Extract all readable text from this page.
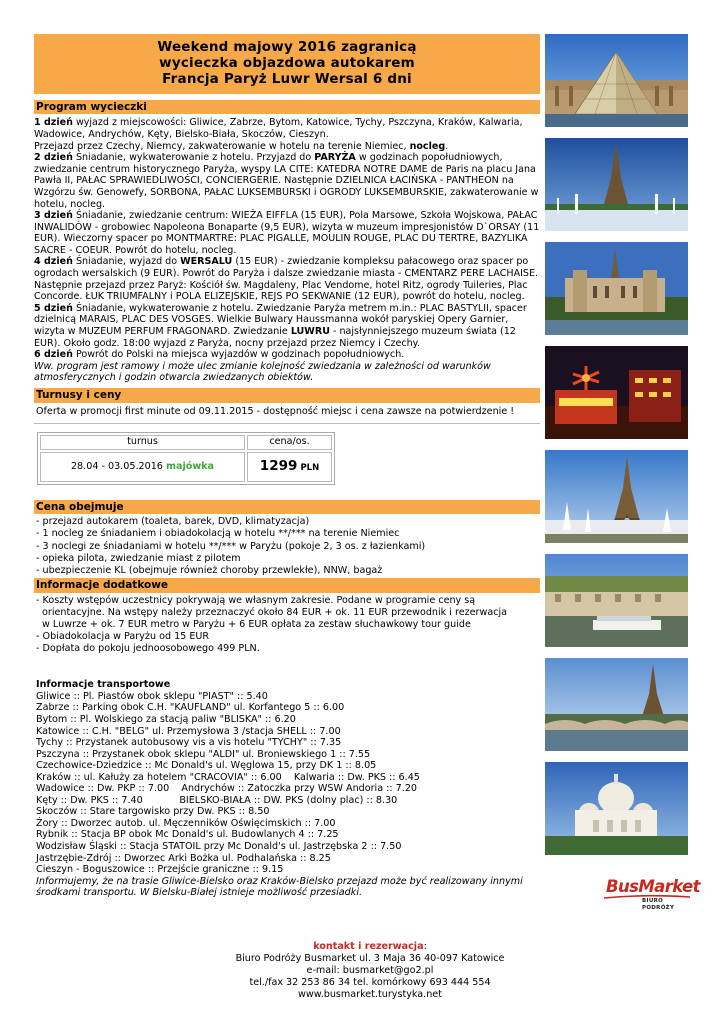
Weekend majowy 2016 zagranicą
wycieczka objazdowa autokarem
Francja Paryż Luwr Wersal 6 dni
Program wycieczki

1 dzień wyjazd z miejscowości: Gliwice, Zabrze, Bytom, Katowice, Tychy, Pszczyna, Kraków, Kalwaria, Wadowice, Andrychów, Kęty, Bielsko-Biała, Skoczów, Cieszyn.

Przejazd przez Czechy, Niemcy, zakwaterowanie w hotelu na terenie Niemiec, nocleg.

2 dzień Śniadanie, wykwaterowanie z hotelu. Przyjazd do PARYŻA w godzinach popołudniowych, zwiedzanie centrum historycznego Paryża, wyspy LA CITE: KATEDRA NOTRE DAME de Paris na placu Jana Pawła II, PAŁAC SPRAWIEDLIWOŚCI, CONCIERGERIE. Następnie DZIELNICA ŁACIŃSKA - PANTHEON na Wzgórzu św. Genowefy, SORBONA, PAŁAC LUKSEMBURSKI i OGRODY LUKSEMBURSKIE, zakwaterowanie w hotelu, nocleg.

3 dzień Śniadanie, zwiedzanie centrum: WIEŻA EIFFLA (15 EUR), Pola Marsowe, Szkoła Wojskowa, PAŁAC INWALIDÓW - grobowiec Napoleona Bonaparte (9,5 EUR), wizyta w muzeum impresjonistów D`ORSAY (11 EUR). Wieczorny spacer po MONTMARTRE: PLAC PIGALLE, MOULIN ROUGE, PLAC DU TERTRE, BAZYLIKA SACRE - COEUR. Powrót do hotelu, nocleg.

4 dzień Śniadanie, wyjazd do WERSALU (15 EUR) - zwiedzanie kompleksu pałacowego oraz spacer po ogrodach wersalskich (9 EUR). Powrót do Paryża i dalsze zwiedzanie miasta - CMENTARZ PERE LACHAISE. Następnie przejazd przez Paryż: Kościół św. Magdaleny, Plac Vendome, hotel Ritz, ogrody Tuileries, Plac Concorde. ŁUK TRIUMFALNY i POLA ELIZEJSKIE, REJS PO SEKWANIE (12 EUR), powrót do hotelu, nocleg.

5 dzień Śniadanie, wykwaterowanie z hotelu. Zwiedzanie Paryża metrem m.in.: PLAC BASTYLII, spacer dzielnicą MARAIS, PLAC DES VOSGES. Wielkie Bulwary Haussmanna wokół paryskiej Opery Garnier, wizyta w MUZEUM PERFUM FRAGONARD. Zwiedzanie LUWRU - najsłynniejszego muzeum świata (12 EUR). Około godz. 18:00 wyjazd z Paryża, nocny przejazd przez Niemcy i Czechy.

6 dzień Powrót do Polski na miejsca wyjazdów w godzinach popołudniowych.

Ww. program jest ramowy i może ulec zmianie kolejność zwiedzania w zależności od warunków atmosferycznych i godzin otwarcia zwiedzanych obiektów.

Turnusy i ceny
Oferta w promocji first minute od 09.11.2015 - dostępność miejsc i cena zawsze na potwierdzenie !
turnus	cena/os.
28.04 - 03.05.2016 majówka	1299 PLN
Cena obejmuje
- przejazd autokarem (toaleta, barek, DVD, klimatyzacja)
- 1 nocleg ze śniadaniem i obiadokolacją w hotelu **/*** na terenie Niemiec
- 3 noclegi ze śniadaniami w hotelu **/*** w Paryżu (pokoje 2, 3 os. z łazienkami)
- opieka pilota, zwiedzanie miast z pilotem
- ubezpieczenie KL (obejmuje również choroby przewlekłe), NNW, bagaż
Informacje dodatkowe
- Koszty wstępów uczestnicy pokrywają we własnym zakresie. Podane w programie ceny są
orientacyjne. Na wstępy należy przeznaczyć około 84 EUR + ok. 11 EUR przewodnik i rezerwacja
w Luwrze + ok. 7 EUR metro w Paryżu + 6 EUR opłata za zestaw słuchawkowy tour guide
- Obiadokolacja w Paryżu od 15 EUR
- Dopłata do pokoju jednoosobowego 499 PLN.
Informacje transportowe
Gliwice :: Pl. Piastów obok sklepu "PIAST" :: 5.40
Zabrze :: Parking obok C.H. "KAUFLAND" ul. Korfantego 5 :: 6.00
Bytom :: Pl. Wolskiego za stacją paliw "BLISKA" :: 6.20
Katowice :: C.H. "BELG" ul. Przemysłowa 3 /stacja SHELL :: 7.00
Tychy :: Przystanek autobusowy vis a vis hotelu "TYCHY" :: 7.35
Pszczyna :: Przystanek obok sklepu "ALDI" ul. Broniewskiego 1 :: 7.55
Czechowice-Dziedzice :: Mc Donald's ul. Węglowa 15, przy DK 1 :: 8.05
Kraków :: ul. Kałuży za hotelem "CRACOVIA" :: 6.00    Kalwaria :: Dw. PKS :: 6.45
Wadowice :: Dw. PKP :: 7.00    Andrychów :: Zatoczka przy WSW Andoria :: 7.20
Kęty :: Dw. PKS :: 7.40            BIELSKO-BIAŁA :: DW. PKS (dolny plac) :: 8.30
Skoczów :: Stare targowisko przy Dw. PKS :: 8.50
Żory :: Dworzec autob. ul. Męczenników Oświęcimskich :: 7.00
Rybnik :: Stacja BP obok Mc Donald's ul. Budowlanych 4 :: 7.25
Wodzisław Śląski :: Stacja STATOIL przy Mc Donald's ul. Jastrzębska 2 :: 7.50
Jastrzębie-Zdrój :: Dworzec Arki Bożka ul. Podhalańska :: 8.25
Cieszyn - Boguszowice :: Przejście graniczne :: 9.15
Informujemy, że na trasie Gliwice-Bielsko oraz Kraków-Bielsko przejazd może być realizowany innymi środkami transportu. W Bielsku-Białej istnieje możliwość przesiadki.	BusMarket
BIURO PODRÓŻY
kontakt i rezerwacja:
Biuro Podróży Busmarket ul. 3 Maja 36 40-097 Katowice
e-mail: busmarket@go2.pl
tel./fax 32 253 86 34 tel. komórkowy 693 444 554
www.busmarket.turystyka.net
